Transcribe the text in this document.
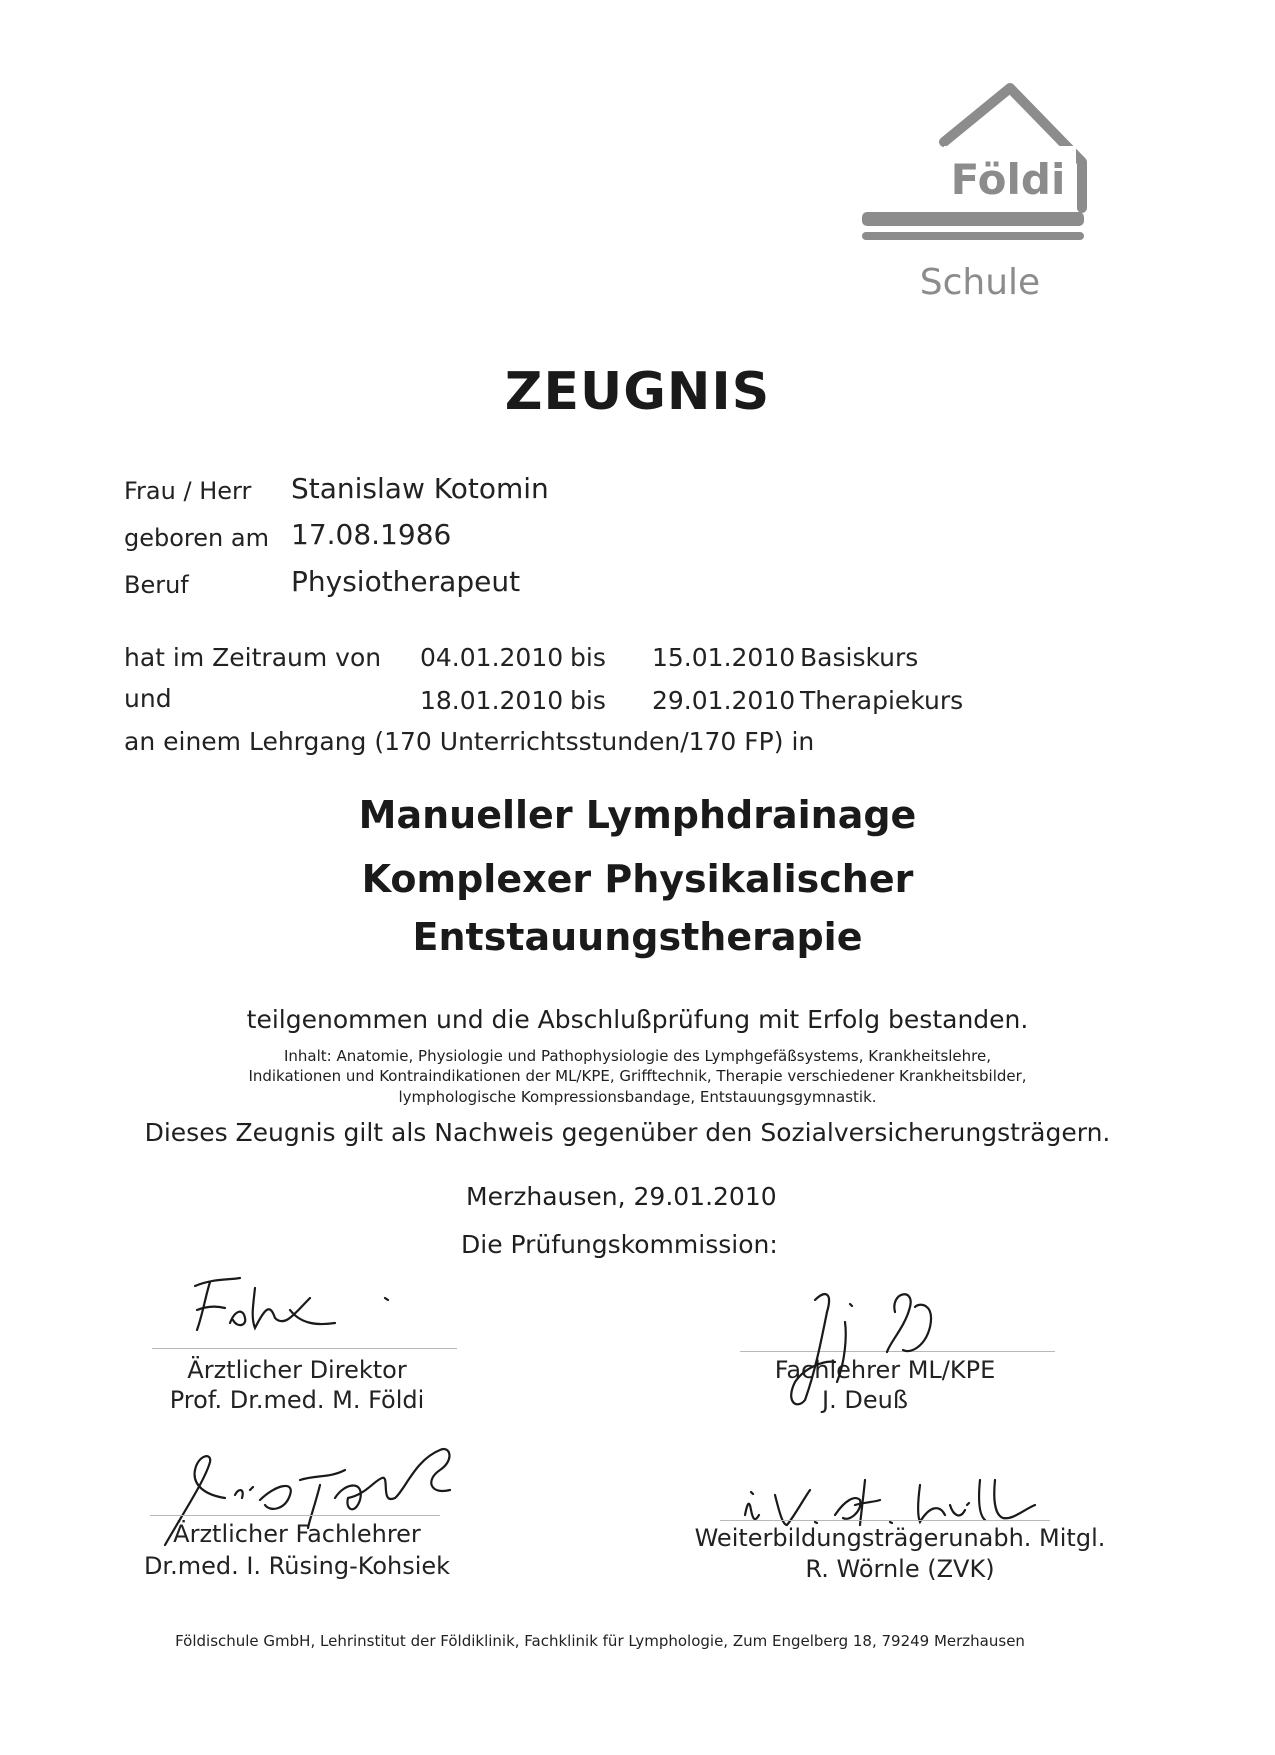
Földi
Schule
ZEUGNIS
Frau / Herr Stanislaw Kotomin
geboren am 17.08.1986
Beruf	Physiotherapeut
hat im Zeitraum von 04.01.2010 bis 15.01.2010 Basiskurs
und	18.01.2010 bis 29.01.2010 Therapiekurs
an einem Lehrgang (170 Unterrichtsstunden/170 FP) in
Manueller Lymphdrainage
Komplexer Physikalischer
Entstauungstherapie
teilgenommen und die Abschlußprüfung mit Erfolg bestanden.
Inhalt: Anatomie, Physiologie und Pathophysiologie des Lymphgefäßsystems, Krankheitslehre,
Indikationen und Kontraindikationen der ML/KPE, Grifftechnik, Therapie verschiedener Krankheitsbilder,
lymphologische Kompressionsbandage, Entstauungsgymnastik.
Dieses Zeugnis gilt als Nachweis gegenüber den Sozialversicherungsträgern.
Merzhausen, 29.01.2010
Die Prüfungskommission:
Ärztlicher Direktor
Prof. Dr.med. M. Földi
Fachlehrer ML/KPE
J. Deuß
Ärztlicher Fachlehrer
Dr.med. I. Rüsing-Kohsiek
Weiterbildungsträgerunabh. Mitgl.
R. Wörnle (ZVK)
Földischule GmbH, Lehrinstitut der Földiklinik, Fachklinik für Lymphologie, Zum Engelberg 18, 79249 Merzhausen
